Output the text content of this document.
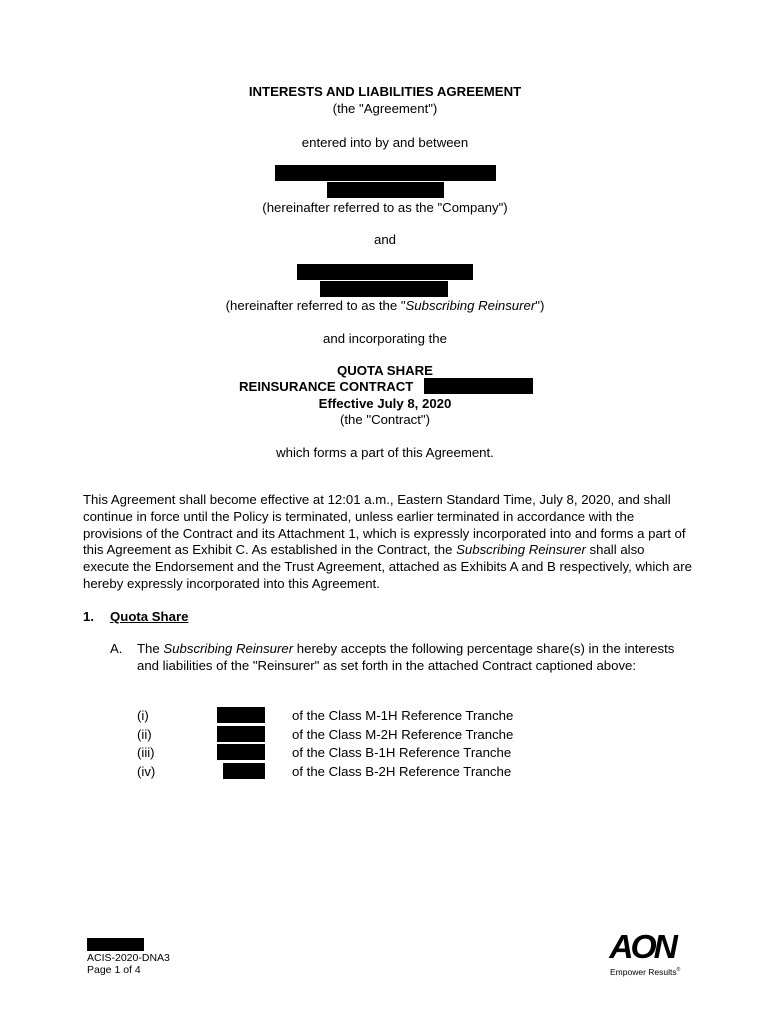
INTERESTS AND LIABILITIES AGREEMENT
(the "Agreement")
entered into by and between
(hereinafter referred to as the "Company")
and
(hereinafter referred to as the "Subscribing Reinsurer")
and incorporating the
QUOTA SHARE
REINSURANCE CONTRACT
Effective July 8, 2020
(the "Contract")
which forms a part of this Agreement.
This Agreement shall become effective at 12:01 a.m., Eastern Standard Time, July 8, 2020, and shall continue in force until the Policy is terminated, unless earlier terminated in accordance with the provisions of the Contract and its Attachment 1, which is expressly incorporated into and forms a part of this Agreement as Exhibit C. As established in the Contract, the Subscribing Reinsurer shall also execute the Endorsement and the Trust Agreement, attached as Exhibits A and B respectively, which are hereby expressly incorporated into this Agreement.
1. Quota Share
A. The Subscribing Reinsurer hereby accepts the following percentage share(s) in the interests and liabilities of the "Reinsurer" as set forth in the attached Contract captioned above:
(i)	of the Class M-1H Reference Tranche
(ii)	of the Class M-2H Reference Tranche
(iii)	of the Class B-1H Reference Tranche
(iv)	of the Class B-2H Reference Tranche
ACIS-2020-DNA3
Page 1 of 4
AON
Empower Results®
